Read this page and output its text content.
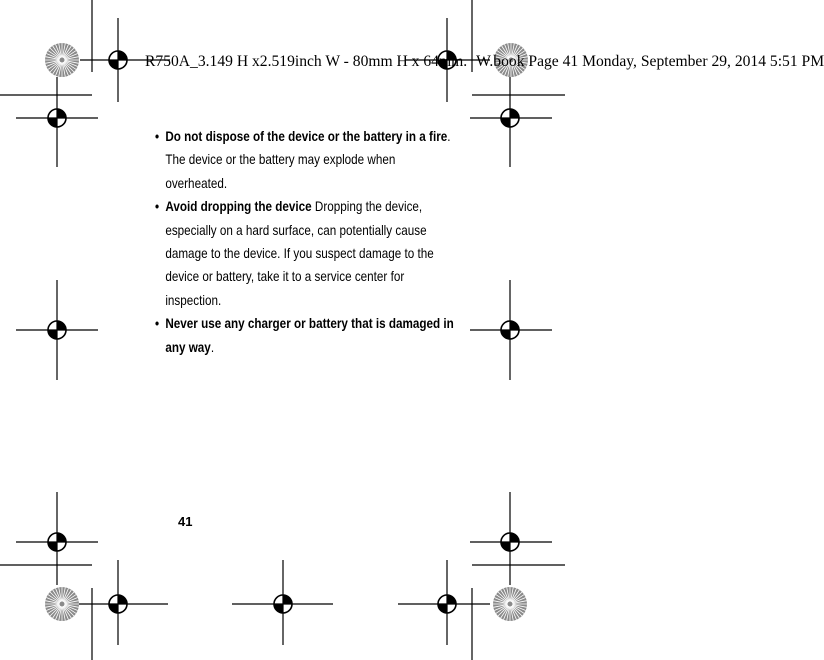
R750A_3.149 H x2.519inch W - 80mm H x 64mm. W.book Page 41 Monday, September 29, 2014 5:51 PM

• Do not dispose of the device or the battery in a fire. The device or the battery may explode when overheated.
• Avoid dropping the device Dropping the device, especially on a hard surface, can potentially cause damage to the device. If you suspect damage to the device or battery, take it to a service center for inspection.
• Never use any charger or battery that is damaged in any way.

41
